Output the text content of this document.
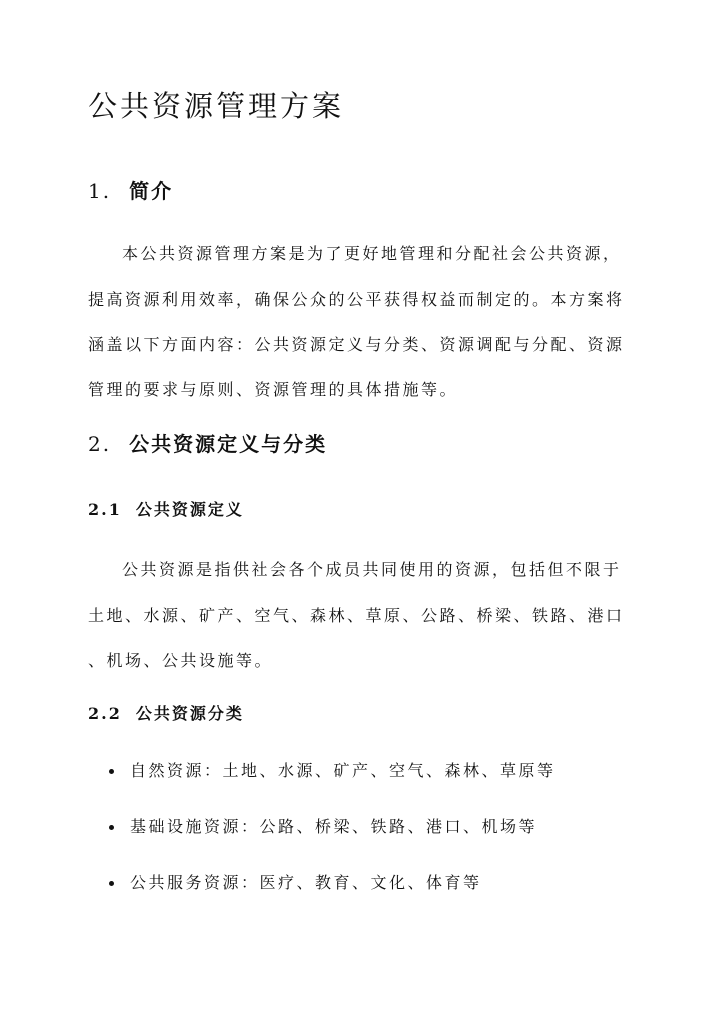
公共资源管理方案
1. 简介
本公共资源管理方案是为了更好地管理和分配社会公共资源，
提高资源利用效率，确保公众的公平获得权益而制定的。本方案将
涵盖以下方面内容：公共资源定义与分类、资源调配与分配、资源
管理的要求与原则、资源管理的具体措施等。
2. 公共资源定义与分类
2.1 公共资源定义
公共资源是指供社会各个成员共同使用的资源，包括但不限于
土地、水源、矿产、空气、森林、草原、公路、桥梁、铁路、港口
、机场、公共设施等。
2.2 公共资源分类
自然资源：土地、水源、矿产、空气、森林、草原等
基础设施资源：公路、桥梁、铁路、港口、机场等
公共服务资源：医疗、教育、文化、体育等
